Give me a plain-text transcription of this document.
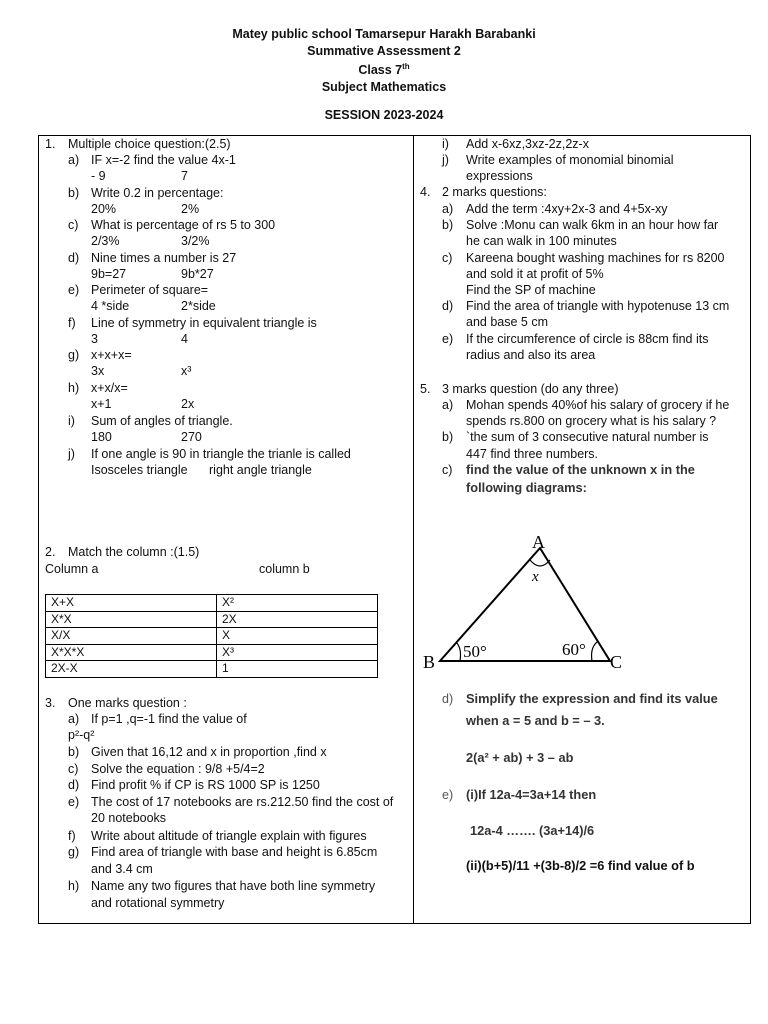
Matey public school Tamarsepur Harakh Barabanki
Summative Assessment 2
Class 7th
Subject Mathematics
SESSION 2023-2024
1. Multiple choice question:(2.5)
a) IF x=-2 find the value 4x-1
- 9	7
b) Write 0.2 in percentage:
20%	2%
c) What is percentage of rs 5 to 300
2/3%	3/2%
d) Nine times a number is 27
9b=27	9b*27
e) Perimeter of square=
4 *side	2*side
f) Line of symmetry in equivalent triangle is
3	4
g) x+x+x=
3x	x³
h) x+x/x=
x+1	2x
i) Sum of angles of triangle.
180	270
j) If one angle is 90 in triangle the trianle is called
Isosceles triangle right angle triangle
2. Match the column :(1.5)
Column a	column b
X+X	X²
X*X	2X
X/X	X
X*X*X	X³
2X-X	1
3. One marks question :
a) If p=1 ,q=-1 find the value of
p²-q²
b) Given that 16,12 and x in proportion ,find x
c) Solve the equation : 9/8 +5/4=2
d) Find profit % if CP is RS 1000 SP is 1250
e) The cost of 17 notebooks are rs.212.50 find the cost of
20 notebooks
f) Write about altitude of triangle explain with figures
g) Find area of triangle with base and height is 6.85cm
and 3.4 cm
h) Name any two figures that have both line symmetry
and rotational symmetry
i) Add x-6xz,3xz-2z,2z-x
j) Write examples of monomial binomial
expressions
4. 2 marks questions:
a) Add the term :4xy+2x-3 and 4+5x-xy
b) Solve :Monu can walk 6km in an hour how far
he can walk in 100 minutes
c) Kareena bought washing machines for rs 8200
and sold it at profit of 5%
Find the SP of machine
d) Find the area of triangle with hypotenuse 13 cm
and base 5 cm
e) If the circumference of circle is 88cm find its
radius and also its area
5. 3 marks question (do any three)
a) Mohan spends 40%of his salary of grocery if he
spends rs.800 on grocery what is his salary ?
b) `the sum of 3 consecutive natural number is
447 find three numbers.
c) find the value of the unknown x in the
following diagrams:
A
B	C
x
50°	60°
d) Simplify the expression and find its value
when a = 5 and b = – 3.
2(a² + ab) + 3 – ab
e) (i)If 12a-4=3a+14 then
12a-4 ……. (3a+14)/6
(ii)(b+5)/11 +(3b-8)/2 =6 find value of b
